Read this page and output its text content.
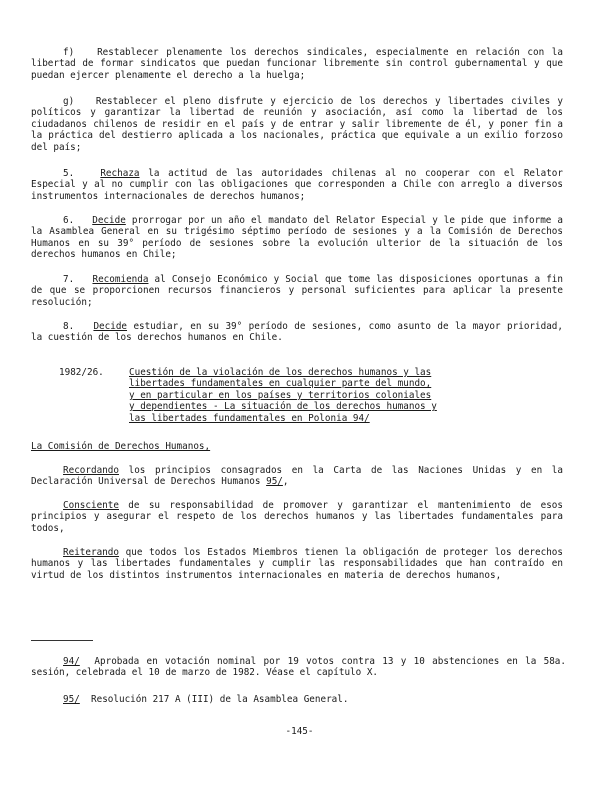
f) Restablecer plenamente los derechos sindicales, especialmente en relación con la libertad de formar sindicatos que puedan funcionar libremente sin control gubernamental y que puedan ejercer plenamente el derecho a la huelga;

g) Restablecer el pleno disfrute y ejercicio de los derechos y libertades civiles y políticos y garantizar la libertad de reunión y asociación, así como la libertad de los ciudadanos chilenos de residir en el país y de entrar y salir libremente de él, y poner fin a la práctica del destierro aplicada a los nacionales, práctica que equivale a un exilio forzoso del país;

5.	Rechaza la actitud de las autoridades chilenas al no cooperar con el Relator Especial y al no cumplir con las obligaciones que corresponden a Chile con arreglo a diversos instrumentos internacionales de derechos humanos;

6. Decide prorrogar por un año el mandato del Relator Especial y le pide que informe a la Asamblea General en su trigésimo séptimo período de sesiones y a la Comisión de Derechos Humanos en su 39° período de sesiones sobre la evolución ulterior de la situación de los derechos humanos en Chile;

7. Recomienda al Consejo Económico y Social que tome las disposiciones oportunas a fin de que se proporcionen recursos financieros y personal suficientes para aplicar la presente resolución;

8. Decide estudiar, en su 39° período de sesiones, como asunto de la mayor prioridad, la cuestión de los derechos humanos en Chile.

1982/26.	Cuestión de la violación de los derechos humanos y las
libertades fundamentales en cualquier parte del mundo,
y en particular en los países y territorios coloniales
y dependientes - La situación de los derechos humanos y
las libertades fundamentales en Polonia 94/

La Comisión de Derechos Humanos,

Recordando los principios consagrados en la Carta de las Naciones Unidas y en la Declaración Universal de Derechos Humanos 95/,

Consciente de su responsabilidad de promover y garantizar el mantenimiento de esos principios y asegurar el respeto de los derechos humanos y las libertades fundamentales para todos,

Reiterando que todos los Estados Miembros tienen la obligación de proteger los derechos humanos y las libertades fundamentales y cumplir las responsabilidades que han contraído en virtud de los distintos instrumentos internacionales en materia de derechos humanos,

94/ Aprobada en votación nominal por 19 votos contra 13 y 10 abstenciones en la 58a. sesión, celebrada el 10 de marzo de 1982. Véase el capítulo X.

95/ Resolución 217 A (III) de la Asamblea General.

-145-
